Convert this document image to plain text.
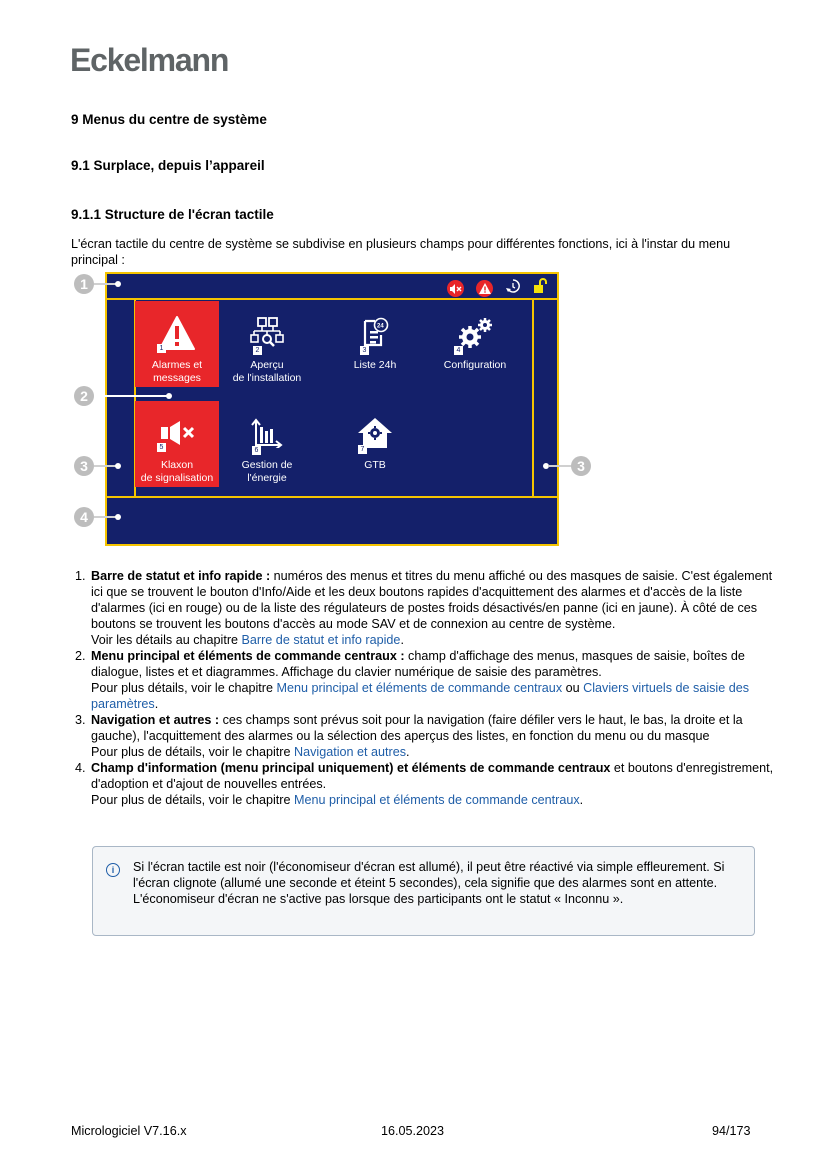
Eckelmann
9 Menus du centre de système
9.1 Surplace, depuis l’appareil
9.1.1 Structure de l'écran tactile
L'écran tactile du centre de système se subdivise en plusieurs champs pour différentes fonctions, ici à l'instar du menu principal :
1
Alarmes et
messages
2
Aperçu
de l'installation
24
3
Liste 24h
4
Configuration
5
Klaxon
de signalisation
6
Gestion de
l'énergie
7
GTB
1
2
3	3
4
1. Barre de statut et info rapide : numéros des menus et titres du menu affiché ou des masques de saisie. C'est également ici que se trouvent le bouton d'Info/Aide et les deux boutons rapides d'acquittement des alarmes et d'accès de la liste d'alarmes (ici en rouge) ou de la liste des régulateurs de postes froids désactivés/en panne (ici en jaune). À côté de ces boutons se trouvent les boutons d'accès au mode SAV et de connexion au centre de système.
Voir les détails au chapitre Barre de statut et info rapide.
2. Menu principal et éléments de commande centraux : champ d'affichage des menus, masques de saisie, boîtes de dialogue, listes et et diagrammes. Affichage du clavier numérique de saisie des paramètres.
Pour plus détails, voir le chapitre Menu principal et éléments de commande centraux ou Claviers virtuels de saisie des paramètres.
3. Navigation et autres : ces champs sont prévus soit pour la navigation (faire défiler vers le haut, le bas, la droite et la gauche), l'acquittement des alarmes ou la sélection des aperçus des listes, en fonction du menu ou du masque
Pour plus de détails, voir le chapitre Navigation et autres.
4. Champ d'information (menu principal uniquement) et éléments de commande centraux et boutons d'enregistrement, d'adoption et d'ajout de nouvelles entrées.
Pour plus de détails, voir le chapitre Menu principal et éléments de commande centraux.
i	Si l'écran tactile est noir (l'économiseur d'écran est allumé), il peut être réactivé via simple effleurement. Si l'écran clignote (allumé une seconde et éteint 5 secondes), cela signifie que des alarmes sont en attente. L'économiseur d'écran ne s'active pas lorsque des participants ont le statut « Inconnu ».
Micrologiciel V7.16.x	16.05.2023	94/173
